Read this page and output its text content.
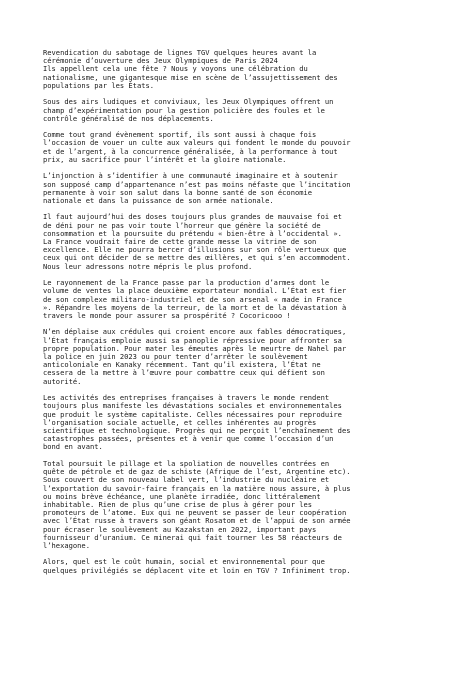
Revendication du sabotage de lignes TGV quelques heures avant la
cérémonie d’ouverture des Jeux Olympiques de Paris 2024
Ils appellent cela une fête ? Nous y voyons une célébration du
nationalisme, une gigantesque mise en scène de l’assujettissement des
populations par les États.

Sous des airs ludiques et conviviaux, les Jeux Olympiques offrent un
champ d’expérimentation pour la gestion policière des foules et le
contrôle généralisé de nos déplacements.

Comme tout grand évènement sportif, ils sont aussi à chaque fois
l’occasion de vouer un culte aux valeurs qui fondent le monde du pouvoir
et de l’argent, à la concurrence généralisée, à la performance à tout
prix, au sacrifice pour l’intérêt et la gloire nationale.

L’injonction à s’identifier à une communauté imaginaire et à soutenir
son supposé camp d’appartenance n’est pas moins néfaste que l’incitation
permanente à voir son salut dans la bonne santé de son économie
nationale et dans la puissance de son armée nationale.

Il faut aujourd’hui des doses toujours plus grandes de mauvaise foi et
de déni pour ne pas voir toute l’horreur que génère la société de
consommation et la poursuite du prétendu « bien-être à l’occidental ».
La France voudrait faire de cette grande messe la vitrine de son
excellence. Elle ne pourra bercer d’illusions sur son rôle vertueux que
ceux qui ont décider de se mettre des œillères, et qui s’en accommodent.
Nous leur adressons notre mépris le plus profond.

Le rayonnement de la France passe par la production d’armes dont le
volume de ventes la place deuxième exportateur mondial. L’État est fier
de son complexe militaro-industriel et de son arsenal « made in France
». Répandre les moyens de la terreur, de la mort et de la dévastation à
travers le monde pour assurer sa prospérité ? Cocoricooo !

N’en déplaise aux crédules qui croient encore aux fables démocratiques,
l’État français emploie aussi sa panoplie répressive pour affronter sa
propre population. Pour mater les émeutes après le meurtre de Nahel par
la police en juin 2023 ou pour tenter d’arrêter le soulèvement
anticoloniale en Kanaky récemment. Tant qu’il existera, l’État ne
cessera de la mettre à l’œuvre pour combattre ceux qui défient son
autorité.

Les activités des entreprises françaises à travers le monde rendent
toujours plus manifeste les dévastations sociales et environnementales
que produit le système capitaliste. Celles nécessaires pour reproduire
l’organisation sociale actuelle, et celles inhérentes au progrès
scientifique et technologique. Progrès qui ne perçoit l’enchaînement des
catastrophes passées, présentes et à venir que comme l’occasion d’un
bond en avant.

Total poursuit le pillage et la spoliation de nouvelles contrées en
quête de pétrole et de gaz de schiste (Afrique de l’est, Argentine etc).
Sous couvert de son nouveau label vert, l’industrie du nucléaire et
l’exportation du savoir-faire français en la matière nous assure, à plus
ou moins brève échéance, une planète irradiée, donc littéralement
inhabitable. Rien de plus qu’une crise de plus à gérer pour les
promoteurs de l’atome. Eux qui ne peuvent se passer de leur coopération
avec l’État russe à travers son géant Rosatom et de l’appui de son armée
pour écraser le soulèvement au Kazakstan en 2022, important pays
fournisseur d’uranium. Ce minerai qui fait tourner les 58 réacteurs de
l’hexagone.

Alors, quel est le coût humain, social et environnemental pour que
quelques privilégiés se déplacent vite et loin en TGV ? Infiniment trop.
